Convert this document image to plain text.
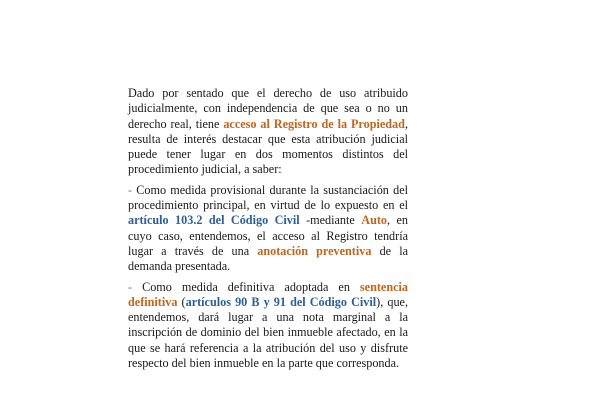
Dado por sentado que el derecho de uso atribuido judicialmente, con independencia de que sea o no un derecho real, tiene acceso al Registro de la Propiedad, resulta de interés destacar que esta atribución judicial puede tener lugar en dos momentos distintos del procedimiento judicial, a saber:

- Como medida provisional durante la sustanciación del procedimiento principal, en virtud de lo expuesto en el artículo 103.2 del Código Civil -mediante Auto, en cuyo caso, entendemos, el acceso al Registro tendría lugar a través de una anotación preventiva de la demanda presentada.

- Como medida definitiva adoptada en sentencia definitiva (artículos 90 B y 91 del Código Civil), que, entendemos, dará lugar a una nota marginal a la inscripción de dominio del bien inmueble afectado, en la que se hará referencia a la atribución del uso y disfrute respecto del bien inmueble en la parte que corresponda.
